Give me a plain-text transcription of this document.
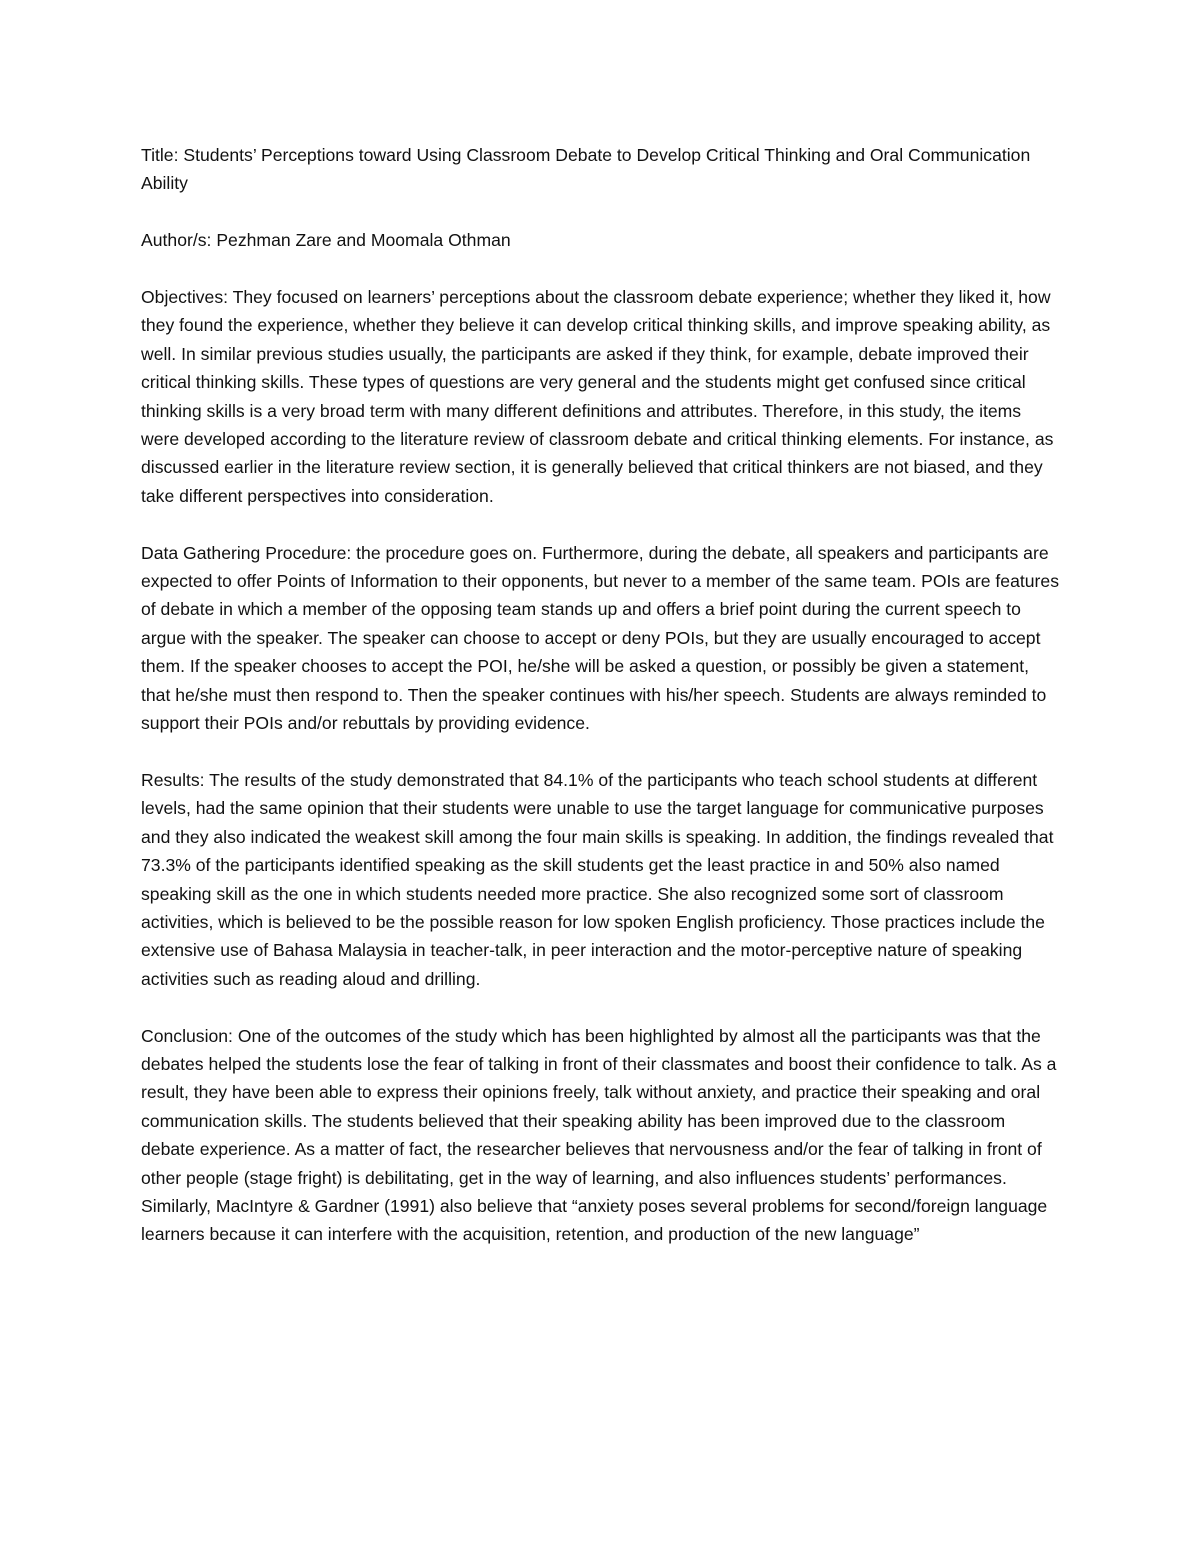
Title: Students’ Perceptions toward Using Classroom Debate to Develop Critical Thinking and Oral Communication Ability

Author/s: Pezhman Zare and Moomala Othman

Objectives: They focused on learners’ perceptions about the classroom debate experience; whether they liked it, how they found the experience, whether they believe it can develop critical thinking skills, and improve speaking ability, as well. In similar previous studies usually, the participants are asked if they think, for example, debate improved their critical thinking skills. These types of questions are very general and the students might get confused since critical thinking skills is a very broad term with many different definitions and attributes. Therefore, in this study, the items were developed according to the literature review of classroom debate and critical thinking elements. For instance, as discussed earlier in the literature review section, it is generally believed that critical thinkers are not biased, and they take different perspectives into consideration.

Data Gathering Procedure: the procedure goes on. Furthermore, during the debate, all speakers and participants are expected to offer Points of Information to their opponents, but never to a member of the same team. POIs are features of debate in which a member of the opposing team stands up and offers a brief point during the current speech to argue with the speaker. The speaker can choose to accept or deny POIs, but they are usually encouraged to accept them. If the speaker chooses to accept the POI, he/she will be asked a question, or possibly be given a statement, that he/she must then respond to. Then the speaker continues with his/her speech. Students are always reminded to support their POIs and/or rebuttals by providing evidence.

Results: The results of the study demonstrated that 84.1% of the participants who teach school students at different levels, had the same opinion that their students were unable to use the target language for communicative purposes and they also indicated the weakest skill among the four main skills is speaking. In addition, the findings revealed that 73.3% of the participants identified speaking as the skill students get the least practice in and 50% also named speaking skill as the one in which students needed more practice. She also recognized some sort of classroom activities, which is believed to be the possible reason for low spoken English proficiency. Those practices include the extensive use of Bahasa Malaysia in teacher-talk, in peer interaction and the motor-perceptive nature of speaking activities such as reading aloud and drilling.

Conclusion: One of the outcomes of the study which has been highlighted by almost all the participants was that the debates helped the students lose the fear of talking in front of their classmates and boost their confidence to talk. As a result, they have been able to express their opinions freely, talk without anxiety, and practice their speaking and oral communication skills. The students believed that their speaking ability has been improved due to the classroom debate experience. As a matter of fact, the researcher believes that nervousness and/or the fear of talking in front of other people (stage fright) is debilitating, get in the way of learning, and also influences students’ performances. Similarly, MacIntyre & Gardner (1991) also believe that “anxiety poses several problems for second/foreign language learners because it can interfere with the acquisition, retention, and production of the new language”
